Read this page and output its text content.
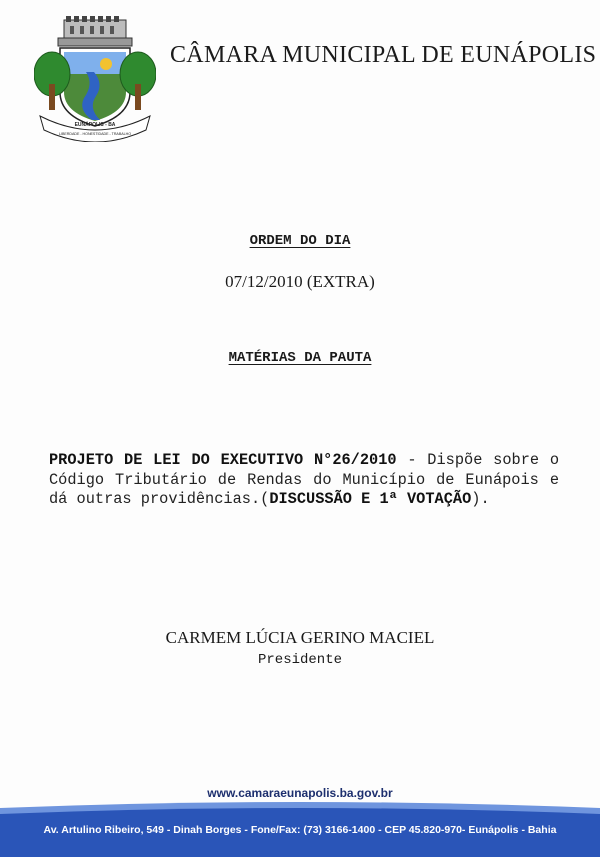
EUNÁPOLIS - BA
LIBERDADE - HONESTIDADE - TRABALHO
CÂMARA MUNICIPAL DE EUNÁPOLIS
ORDEM DO DIA
07/12/2010 (EXTRA)
MATÉRIAS DA PAUTA
PROJETO DE LEI DO EXECUTIVO N°26/2010 - Dispõe sobre o Código Tributário de Rendas do Município de Eunápois e dá outras providências.(DISCUSSÃO E 1ª VOTAÇÃO).
CARMEM LÚCIA GERINO MACIEL
Presidente
www.camaraeunapolis.ba.gov.br
Av. Artulino Ribeiro, 549 - Dinah Borges - Fone/Fax: (73) 3166-1400 - CEP 45.820-970- Eunápolis - Bahia
